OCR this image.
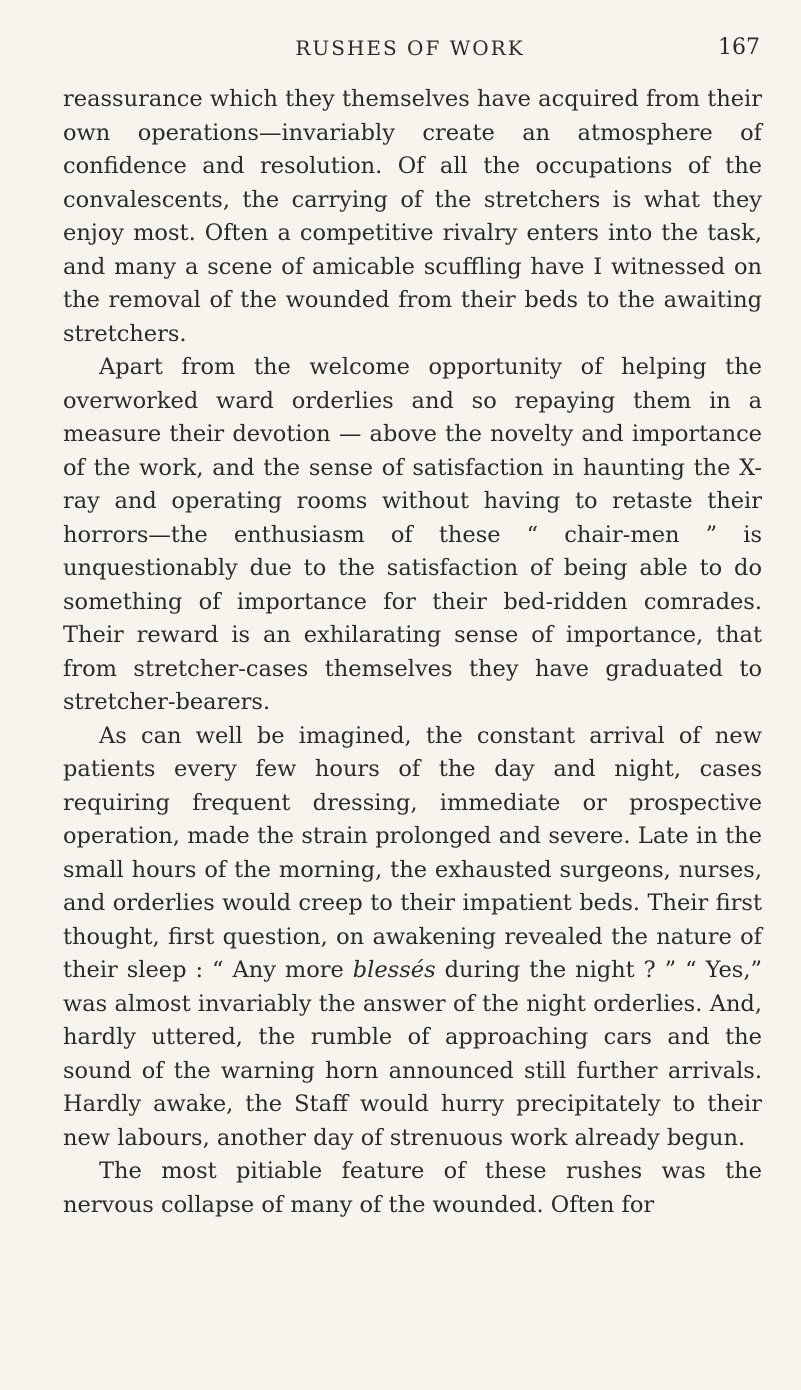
RUSHES OF WORK	167

reassurance which they themselves have acquired from their own operations—invariably create an atmosphere of confidence and resolution. Of all the occupations of the convalescents, the carrying of the stretchers is what they enjoy most. Often a competitive rivalry enters into the task, and many a scene of amicable scuffling have I witnessed on the removal of the wounded from their beds to the awaiting stretchers.

Apart from the welcome opportunity of helping the overworked ward orderlies and so repaying them in a measure their devotion — above the novelty and importance of the work, and the sense of satisfaction in haunting the X-ray and operating rooms without having to retaste their horrors—the enthusiasm of these “ chair-men ” is unquestionably due to the satisfaction of being able to do something of importance for their bed-ridden comrades. Their reward is an exhilarating sense of importance, that from stretcher-cases themselves they have graduated to stretcher-bearers.

As can well be imagined, the constant arrival of new patients every few hours of the day and night, cases requiring frequent dressing, immediate or prospective operation, made the strain prolonged and severe. Late in the small hours of the morning, the exhausted surgeons, nurses, and orderlies would creep to their impatient beds. Their first thought, first question, on awakening revealed the nature of their sleep : “ Any more blessés during the night ? ” “ Yes,” was almost invariably the answer of the night orderlies. And, hardly uttered, the rumble of approaching cars and the sound of the warning horn announced still further arrivals. Hardly awake, the Staff would hurry precipitately to their new labours, another day of strenuous work already begun.

The most pitiable feature of these rushes was the nervous collapse of many of the wounded. Often for
